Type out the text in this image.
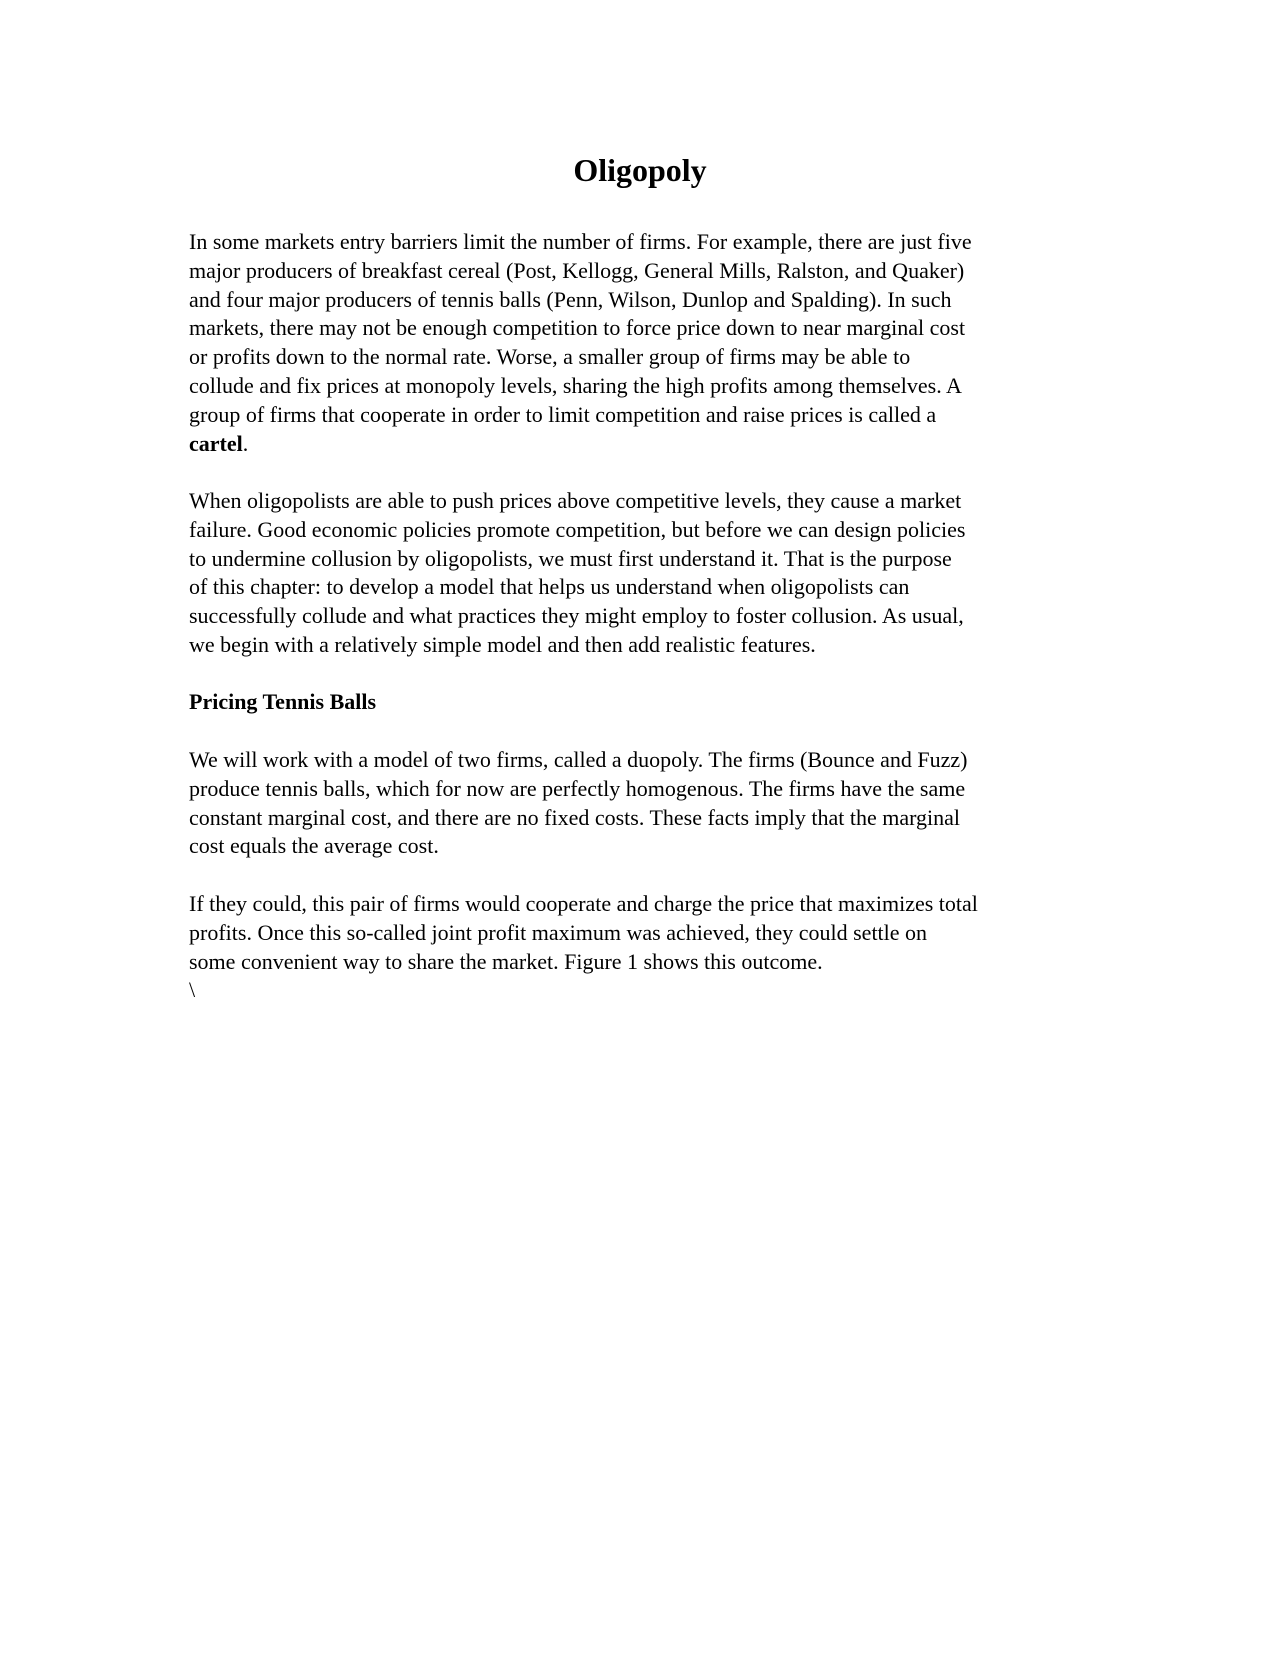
Oligopoly
In some markets entry barriers limit the number of firms. For example, there are just five
major producers of breakfast cereal (Post, Kellogg, General Mills, Ralston, and Quaker)
and four major producers of tennis balls (Penn, Wilson, Dunlop and Spalding). In such
markets, there may not be enough competition to force price down to near marginal cost
or profits down to the normal rate. Worse, a smaller group of firms may be able to
collude and fix prices at monopoly levels, sharing the high profits among themselves. A
group of firms that cooperate in order to limit competition and raise prices is called a
cartel.
When oligopolists are able to push prices above competitive levels, they cause a market
failure. Good economic policies promote competition, but before we can design policies
to undermine collusion by oligopolists, we must first understand it. That is the purpose
of this chapter: to develop a model that helps us understand when oligopolists can
successfully collude and what practices they might employ to foster collusion. As usual,
we begin with a relatively simple model and then add realistic features.
Pricing Tennis Balls
We will work with a model of two firms, called a duopoly. The firms (Bounce and Fuzz)
produce tennis balls, which for now are perfectly homogenous. The firms have the same
constant marginal cost, and there are no fixed costs. These facts imply that the marginal
cost equals the average cost.
If they could, this pair of firms would cooperate and charge the price that maximizes total
profits. Once this so-called joint profit maximum was achieved, they could settle on
some convenient way to share the market. Figure 1 shows this outcome.
\
